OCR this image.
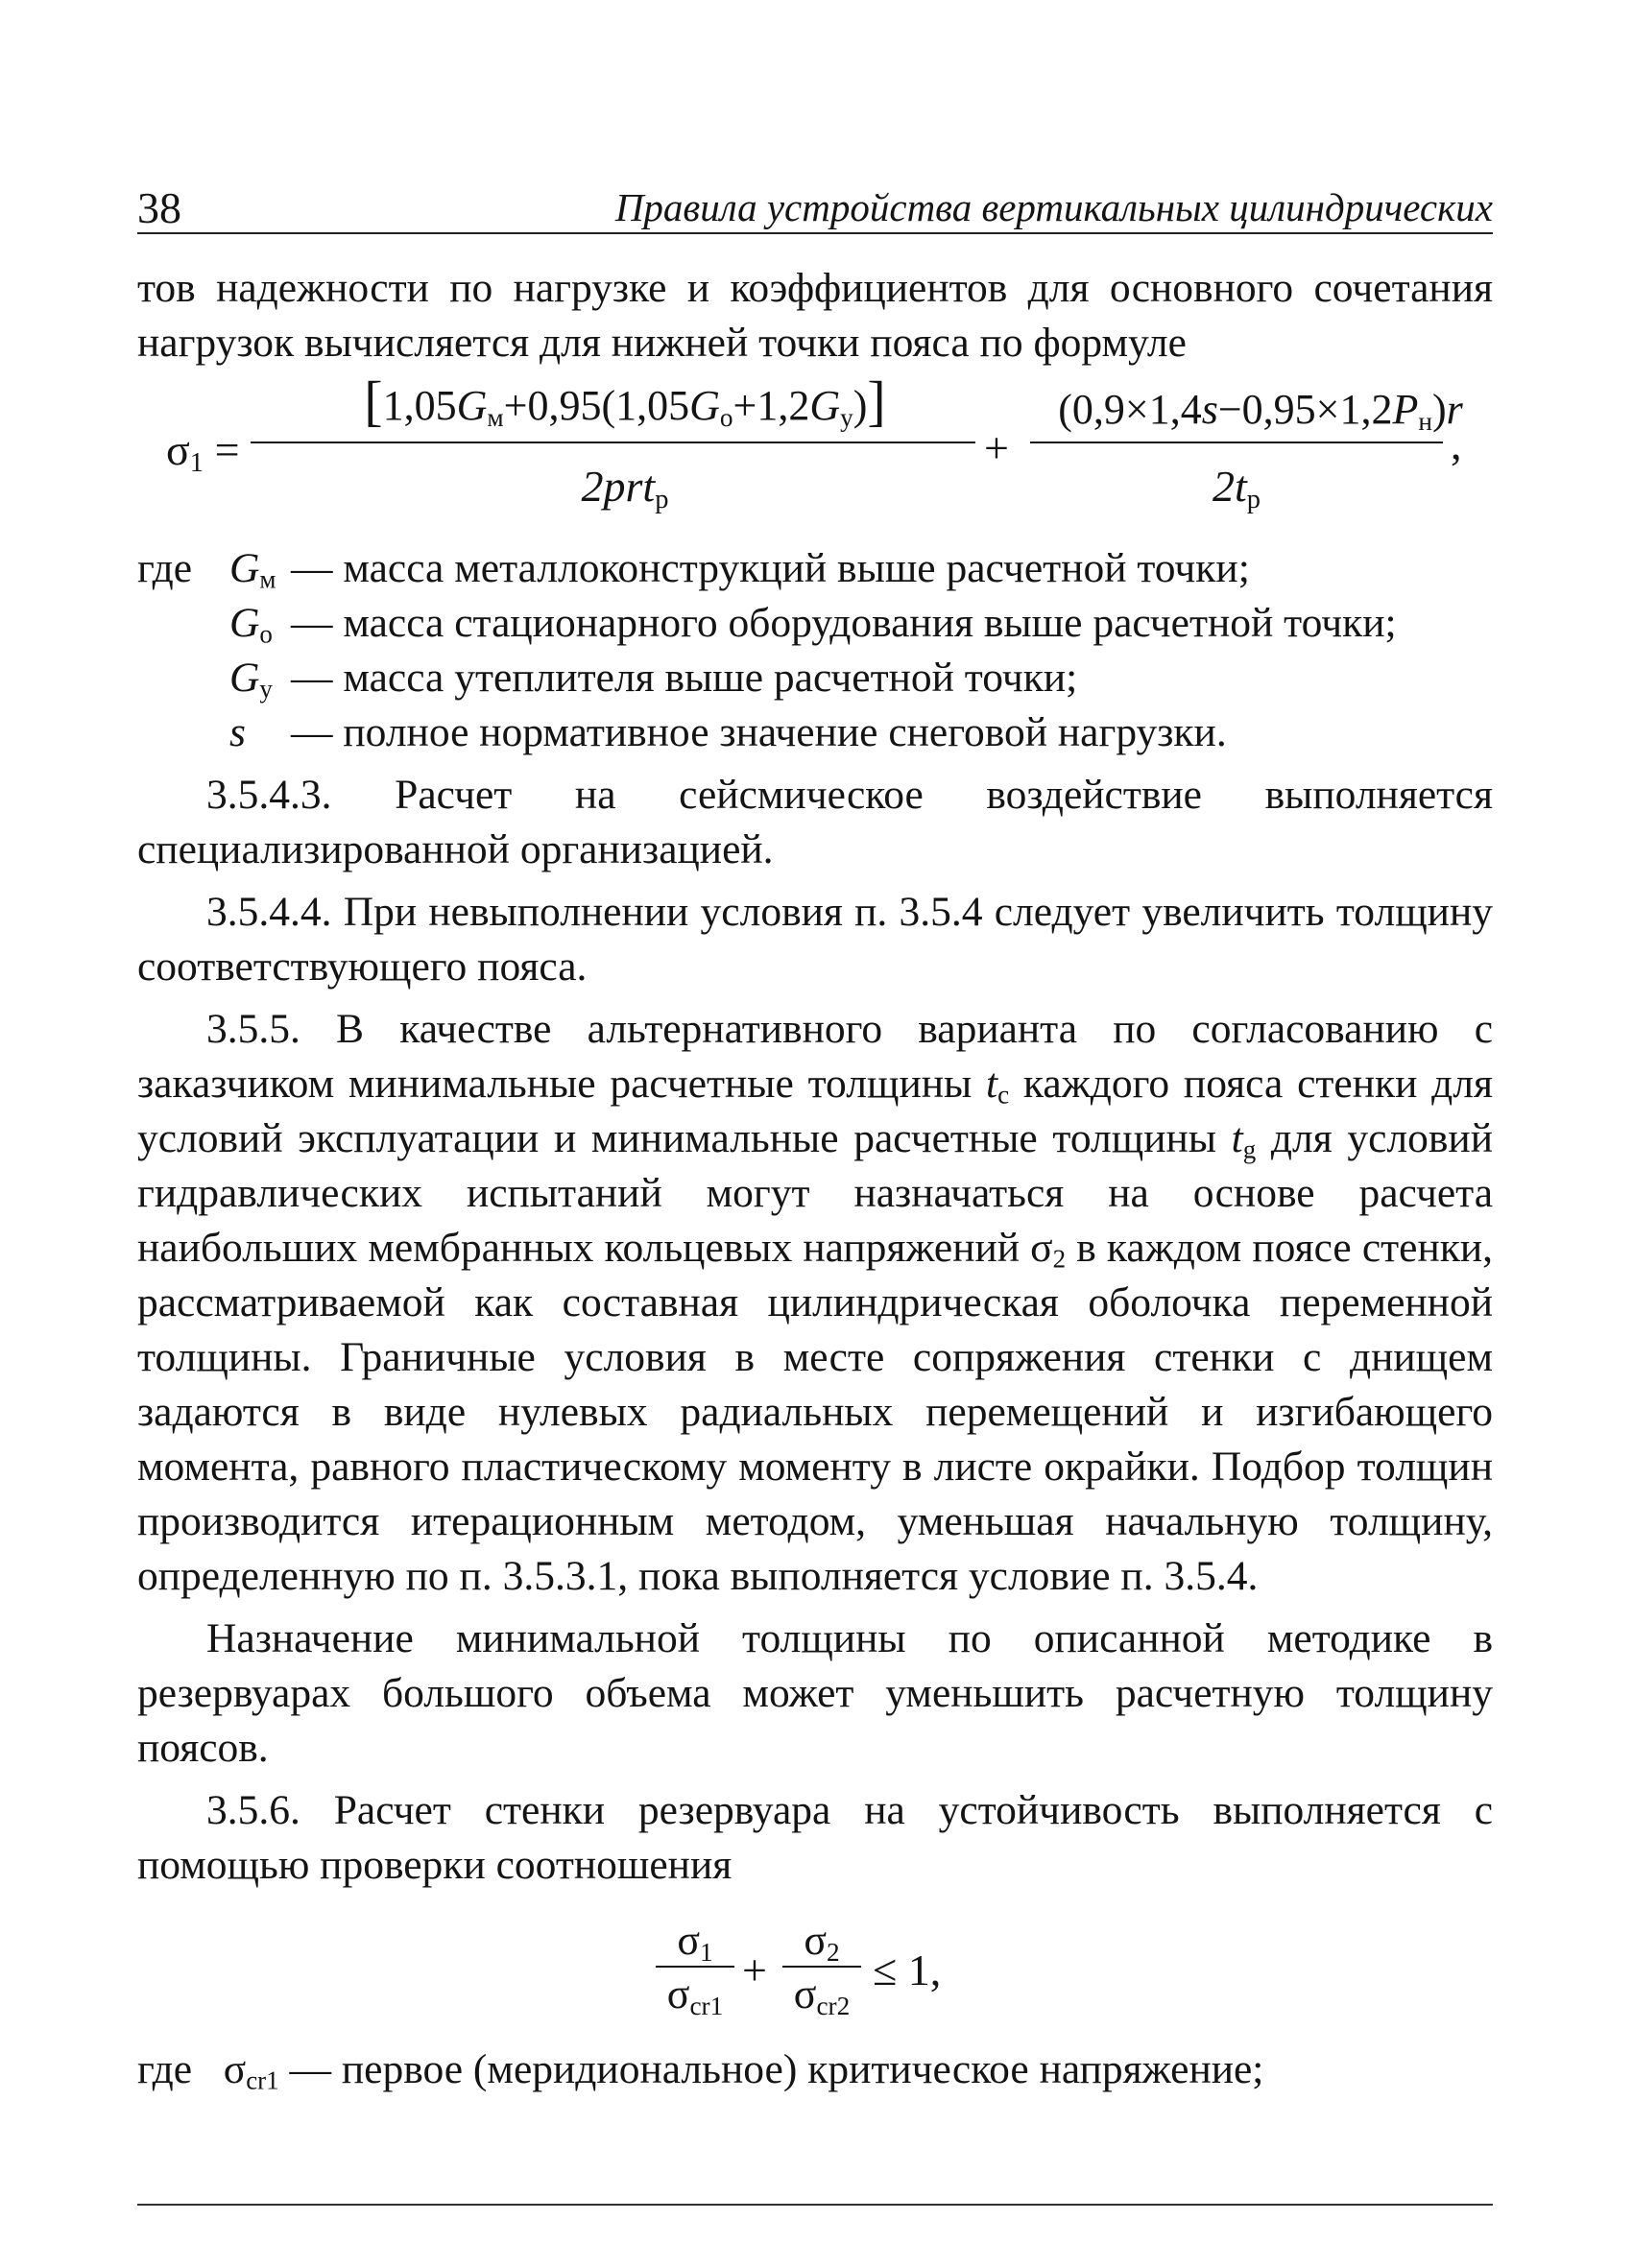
38	Правила устройства вертикальных цилиндрических

тов надежности по нагрузке и коэффициентов для основного сочетания нагрузок вычисляется для нижней точки пояса по формуле

$\sigma_1$ =
$[1,05G_м+0,95(1,05G_о+1,2G_у)]$
2prt$_р$
+
$(0,9\times 1,4s-0,95\times 1,2P_н)r$
$2t_р$
,
где $G_м$ — масса металлоконструкций выше расчетной точки;
$G_о$ — масса стационарного оборудования выше расчетной точки;
$G_у$ — масса утеплителя выше расчетной точки;
s — полное нормативное значение снеговой нагрузки.

3.5.4.3. Расчет на сейсмическое воздействие выполняется специализированной организацией.

3.5.4.4. При невыполнении условия п. 3.5.4 следует увеличить толщину соответствующего пояса.

3.5.5. В качестве альтернативного варианта по согласованию с заказчиком минимальные расчетные толщины $t_c$ каждого пояса стенки для условий эксплуатации и минимальные расчетные толщины $t_g$ для условий гидравлических испытаний могут назначаться на основе расчета наибольших мембранных кольцевых напряжений $\sigma_2$ в каждом поясе стенки, рассматриваемой как составная цилиндрическая оболочка переменной толщины. Граничные условия в месте сопряжения стенки с днищем задаются в виде нулевых радиальных перемещений и изгибающего момента, равного пластическому моменту в листе окрайки. Подбор толщин производится итерационным методом, уменьшая начальную толщину, определенную по п. 3.5.3.1, пока выполняется условие п. 3.5.4.

Назначение минимальной толщины по описанной методике в резервуарах большого объема может уменьшить расчетную толщину поясов.

3.5.6. Расчет стенки резервуара на устойчивость выполняется с помощью проверки соотношения

$\sigma_1$
$\sigma_{cr1}$
+
$\sigma_2$
$\sigma_{cr2}$
≤ 1,

где $\sigma_{cr1}$ — первое (меридиональное) критическое напряжение;
